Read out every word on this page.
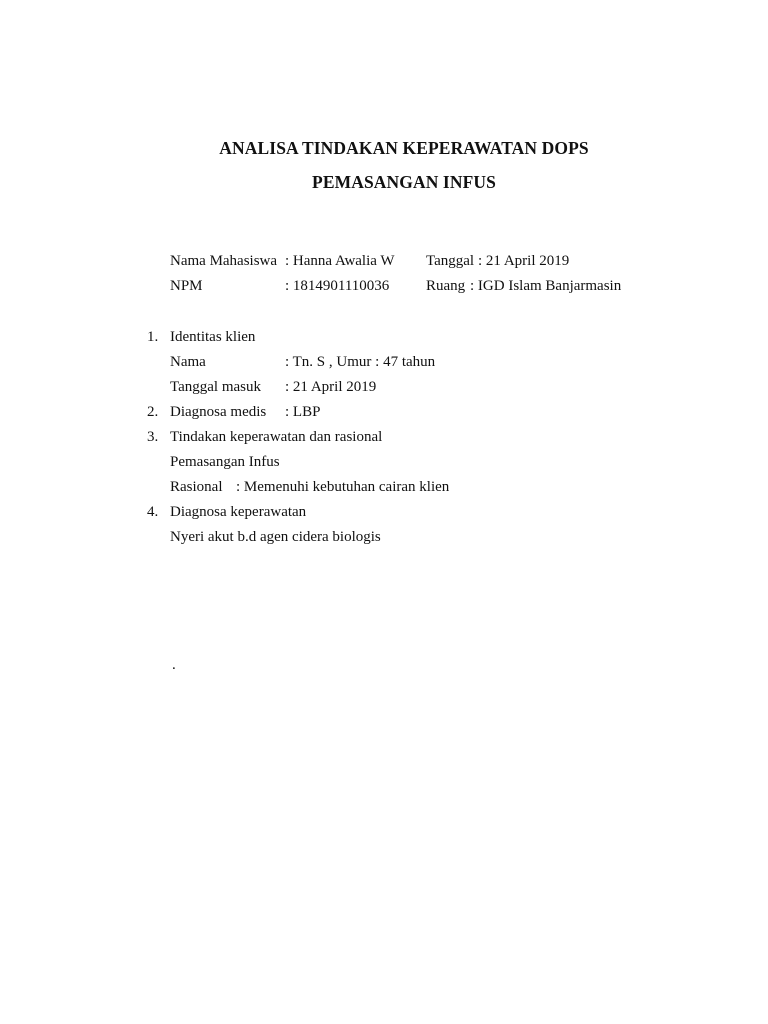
ANALISA TINDAKAN KEPERAWATAN DOPS
PEMASANGAN INFUS
Nama Mahasiswa : Hanna Awalia W Tanggal : 21 April 2019
NPM	: 1814901110036 Ruang : IGD Islam Banjarmasin
1. Identitas klien
Nama	: Tn. S , Umur : 47 tahun
Tanggal masuk : 21 April 2019
2. Diagnosa medis : LBP
3. Tindakan keperawatan dan rasional
Pemasangan Infus
Rasional : Memenuhi kebutuhan cairan klien
4. Diagnosa keperawatan
Nyeri akut b.d agen cidera biologis
.
